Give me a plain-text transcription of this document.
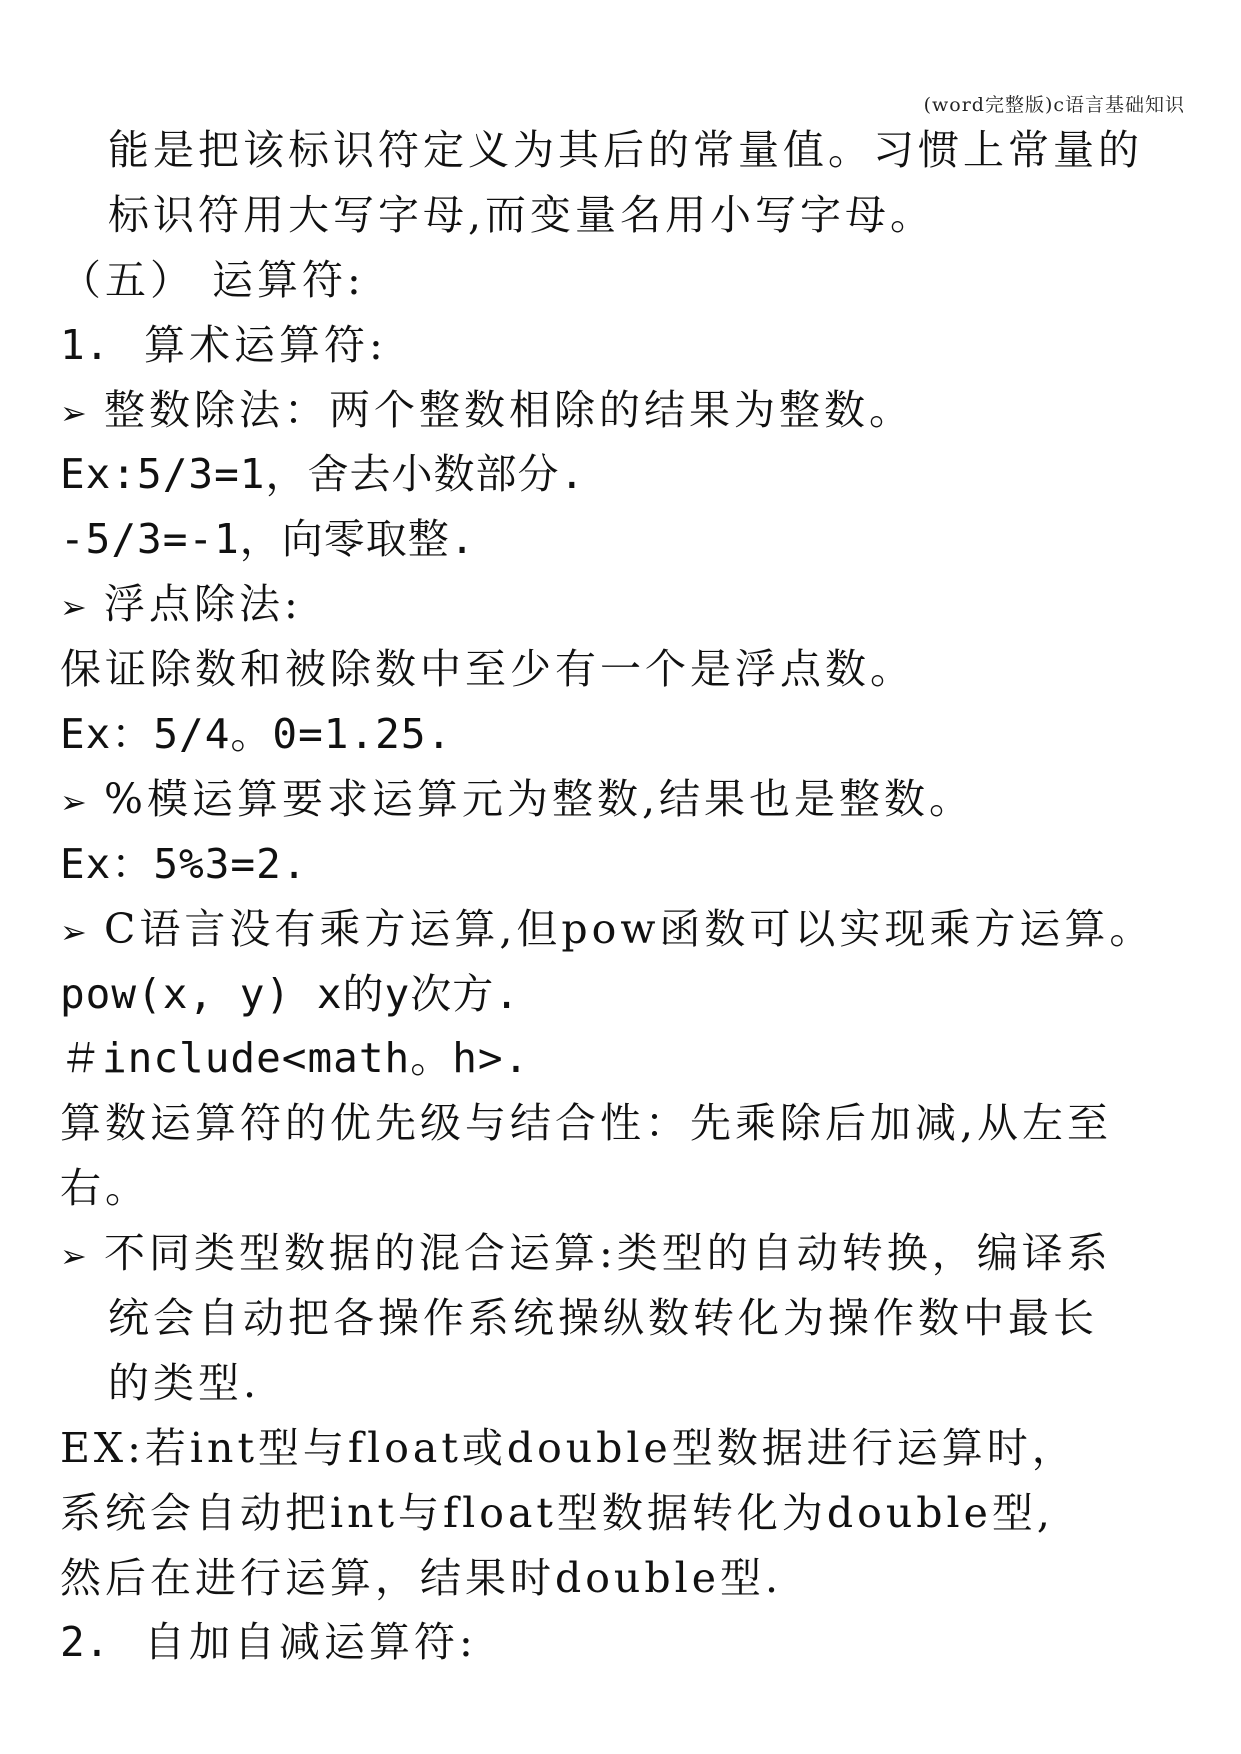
(word完整版)c语言基础知识
能是把该标识符定义为其后的常量值。习惯上常量的
标识符用大写字母,而变量名用小写字母。
（五） 运算符:
1. 算术运算符:
➢ 整数除法：两个整数相除的结果为整数。
Ex:5/3=1，舍去小数部分.
-5/3=-1，向零取整.
➢ 浮点除法:
保证除数和被除数中至少有一个是浮点数。
Ex：5/4。0=1.25.
➢ %模运算要求运算元为整数,结果也是整数。
Ex：5%3=2.
➢ C语言没有乘方运算,但pow函数可以实现乘方运算。
pow(x, y) x的y次方.
＃include<math。h>.
算数运算符的优先级与结合性：先乘除后加减,从左至
右。
➢ 不同类型数据的混合运算:类型的自动转换，编译系
统会自动把各操作系统操纵数转化为操作数中最长
的类型.
EX:若int型与float或double型数据进行运算时，
系统会自动把int与float型数据转化为double型,
然后在进行运算，结果时double型.
2. 自加自减运算符:
